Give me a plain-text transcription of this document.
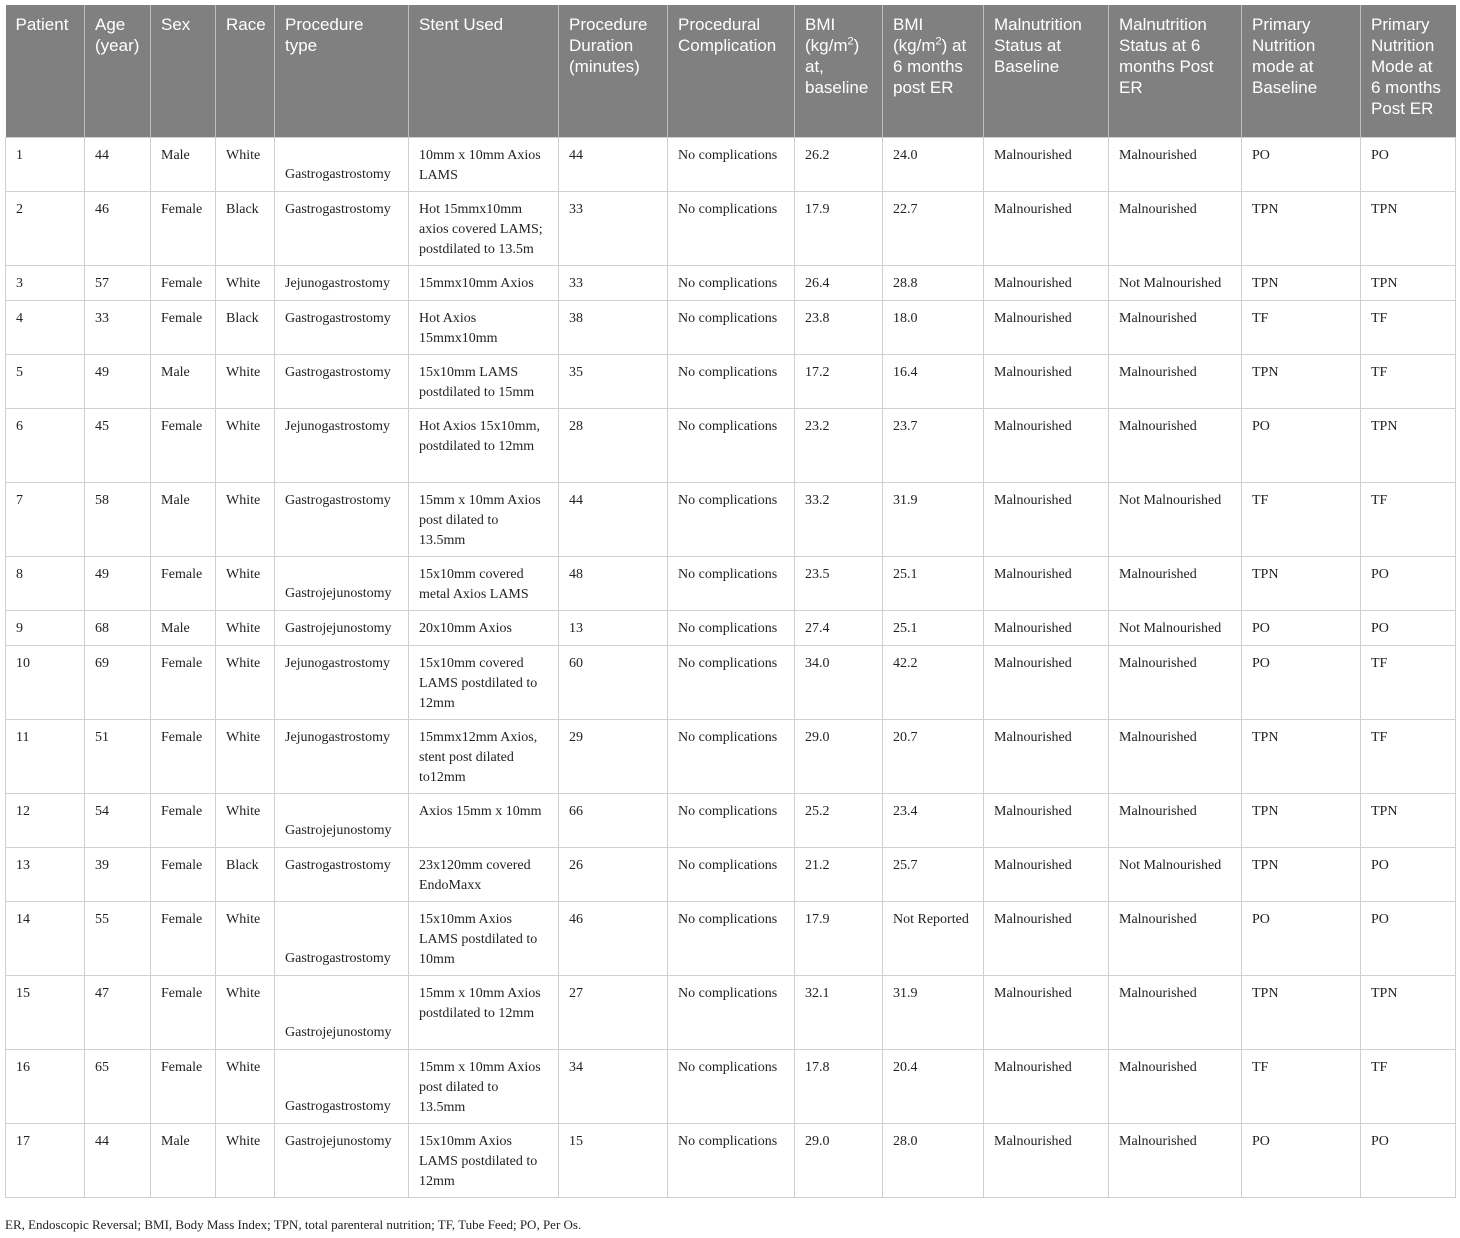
Patient	Age (year)	Sex	Race	Procedure type	Stent Used	Procedure Duration (minutes)	Procedural Complication	BMI $(kg/m^2)$ at, baseline	BMI $(kg/m^2)$ at 6 months post ER	Malnutrition Status at Baseline	Malnutrition Status at 6 months Post ER	Primary Nutrition mode at Baseline	Primary Nutrition Mode at 6 months Post ER
1	44	Male	White	Gastrogastrostomy	10mm x 10mm Axios LAMS	44	No complications	26.2	24.0	Malnourished	Malnourished	PO	PO
2	46	Female	Black	Gastrogastrostomy	Hot 15mmx10mm axios covered LAMS; postdilated to 13.5m	33	No complications	17.9	22.7	Malnourished	Malnourished	TPN	TPN
3	57	Female	White	Jejunogastrostomy	15mmx10mm Axios	33	No complications	26.4	28.8	Malnourished	Not Malnourished	TPN	TPN
4	33	Female	Black	Gastrogastrostomy	Hot Axios 15mmx10mm	38	No complications	23.8	18.0	Malnourished	Malnourished	TF	TF
5	49	Male	White	Gastrogastrostomy	15x10mm LAMS postdilated to 15mm	35	No complications	17.2	16.4	Malnourished	Malnourished	TPN	TF
6	45	Female	White	Jejunogastrostomy	Hot Axios 15x10mm, postdilated to 12mm	28	No complications	23.2	23.7	Malnourished	Malnourished	PO	TPN
7	58	Male	White	Gastrogastrostomy	15mm x 10mm Axios post dilated to 13.5mm	44	No complications	33.2	31.9	Malnourished	Not Malnourished	TF	TF
8	49	Female	White	Gastrojejunostomy	15x10mm covered metal Axios LAMS	48	No complications	23.5	25.1	Malnourished	Malnourished	TPN	PO
9	68	Male	White	Gastrojejunostomy	20x10mm Axios	13	No complications	27.4	25.1	Malnourished	Not Malnourished	PO	PO
10	69	Female	White	Jejunogastrostomy	15x10mm covered LAMS postdilated to 12mm	60	No complications	34.0	42.2	Malnourished	Malnourished	PO	TF
11	51	Female	White	Jejunogastrostomy	15mmx12mm Axios, stent post dilated to12mm	29	No complications	29.0	20.7	Malnourished	Malnourished	TPN	TF
12	54	Female	White	Gastrojejunostomy	Axios 15mm x 10mm	66	No complications	25.2	23.4	Malnourished	Malnourished	TPN	TPN
13	39	Female	Black	Gastrogastrostomy	23x120mm covered EndoMaxx	26	No complications	21.2	25.7	Malnourished	Not Malnourished	TPN	PO
14	55	Female	White	Gastrogastrostomy	15x10mm Axios LAMS postdilated to 10mm	46	No complications	17.9	Not Reported	Malnourished	Malnourished	PO	PO
15	47	Female	White	Gastrojejunostomy	15mm x 10mm Axios postdilated to 12mm	27	No complications	32.1	31.9	Malnourished	Malnourished	TPN	TPN
16	65	Female	White	Gastrogastrostomy	15mm x 10mm Axios post dilated to 13.5mm	34	No complications	17.8	20.4	Malnourished	Malnourished	TF	TF
17	44	Male	White	Gastrojejunostomy	15x10mm Axios LAMS postdilated to 12mm	15	No complications	29.0	28.0	Malnourished	Malnourished	PO	PO
ER, Endoscopic Reversal; BMI, Body Mass Index; TPN, total parenteral nutrition; TF, Tube Feed; PO, Per Os.
